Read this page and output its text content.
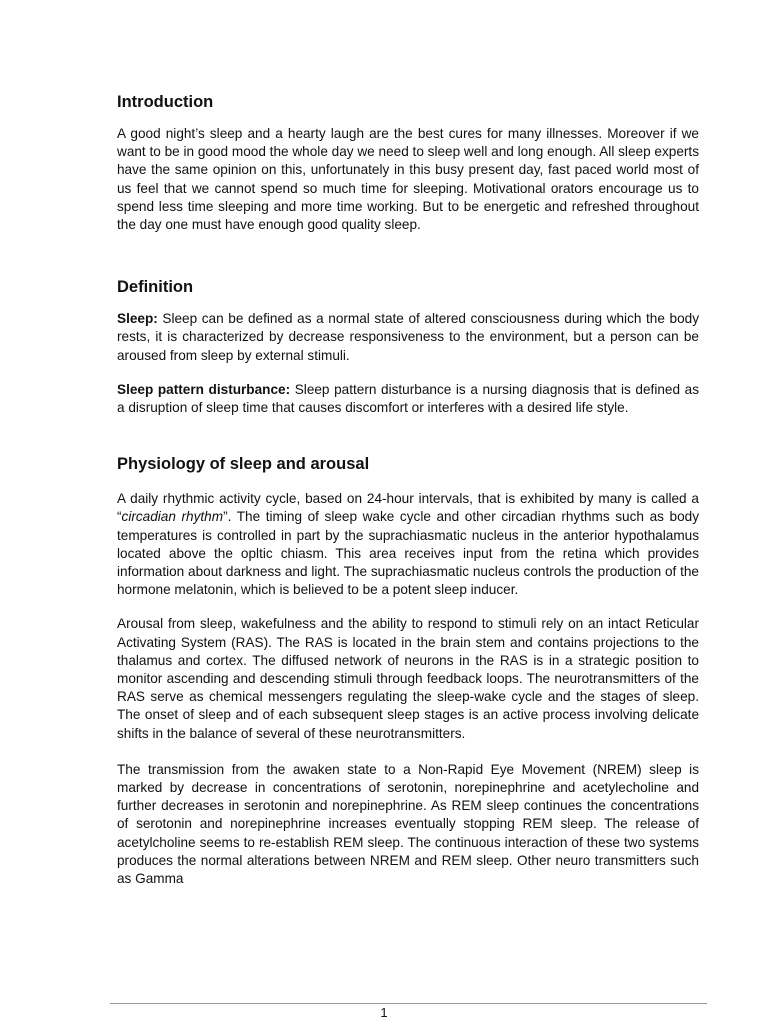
Introduction

A good night’s sleep and a hearty laugh are the best cures for many illnesses. Moreover if we want to be in good mood the whole day we need to sleep well and long enough. All sleep experts have the same opinion on this, unfortunately in this busy present day, fast paced world most of us feel that we cannot spend so much time for sleeping. Motivational orators encourage us to spend less time sleeping and more time working. But to be energetic and refreshed throughout the day one must have enough good quality sleep.

Definition

Sleep: Sleep can be defined as a normal state of altered consciousness during which the body rests, it is characterized by decrease responsiveness to the environment, but a person can be aroused from sleep by external stimuli.

Sleep pattern disturbance: Sleep pattern disturbance is a nursing diagnosis that is defined as a disruption of sleep time that causes discomfort or interferes with a desired life style.

Physiology of sleep and arousal

A daily rhythmic activity cycle, based on 24-hour intervals, that is exhibited by many is called a “circadian rhythm”. The timing of sleep wake cycle and other circadian rhythms such as body temperatures is controlled in part by the suprachiasmatic nucleus in the anterior hypothalamus located above the opltic chiasm. This area receives input from the retina which provides information about darkness and light. The suprachiasmatic nucleus controls the production of the hormone melatonin, which is believed to be a potent sleep inducer.

Arousal from sleep, wakefulness and the ability to respond to stimuli rely on an intact Reticular Activating System (RAS). The RAS is located in the brain stem and contains projections to the thalamus and cortex. The diffused network of neurons in the RAS is in a strategic position to monitor ascending and descending stimuli through feedback loops. The neurotransmitters of the RAS serve as chemical messengers regulating the sleep-wake cycle and the stages of sleep. The onset of sleep and of each subsequent sleep stages is an active process involving delicate shifts in the balance of several of these neurotransmitters.

The transmission from the awaken state to a Non-Rapid Eye Movement (NREM) sleep is marked by decrease in concentrations of serotonin, norepinephrine and acetylecholine and further decreases in serotonin and norepinephrine. As REM sleep continues the concentrations of serotonin and norepinephrine increases eventually stopping REM sleep. The release of acetylcholine seems to re-establish REM sleep. The continuous interaction of these two systems produces the normal alterations between NREM and REM sleep. Other neuro transmitters such as Gamma

1
